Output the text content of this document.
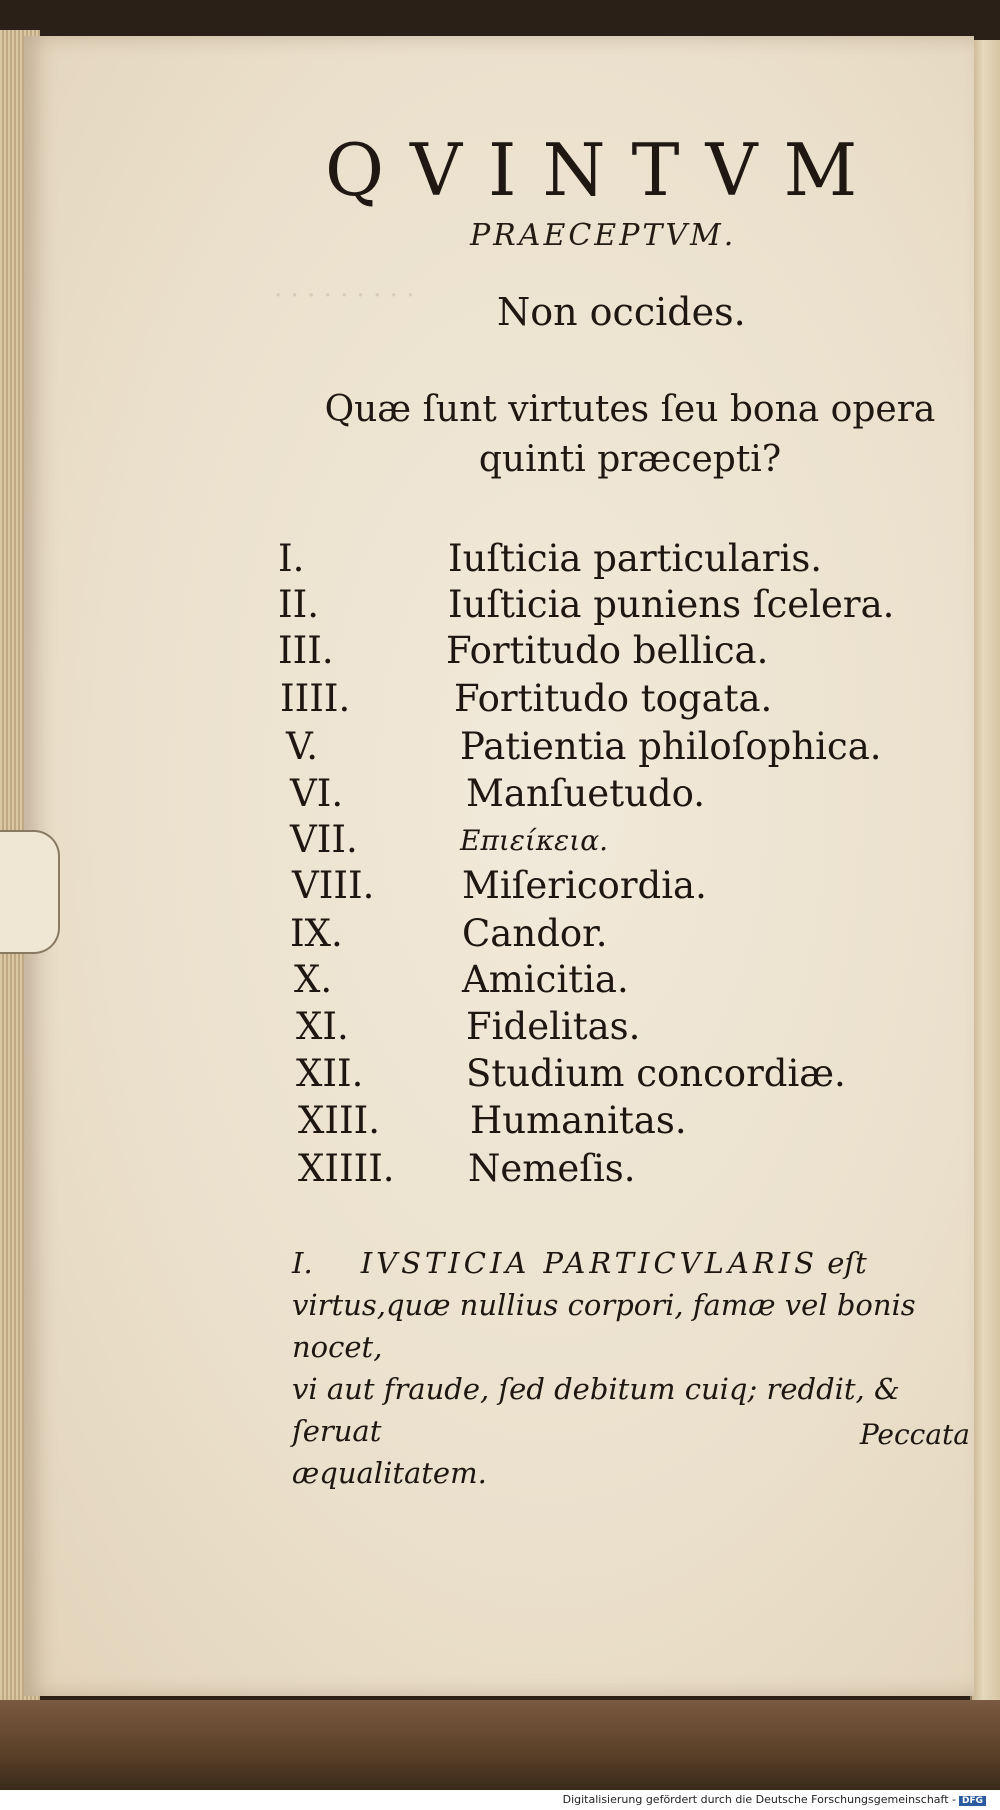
· · · · · · · · ·
QVINTVM
PRAECEPTVM.
Non occides.
Quæ ſunt virtutes ſeu bona opera quinti præcepti?
I.	Iuſticia particularis.
II.	Iuſticia puniens ſcelera.
III.	Fortitudo bellica.
IIII.	Fortitudo togata.
V.	Patientia philoſophica.
VI.	Manſuetudo.
VII.	Επιείκεια.
VIII. Miſericordia.
IX.	Candor.
X.	Amicitia.
XI.	Fidelitas.
XII.	Studium concordiæ.
XIII. Humanitas.
XIIII. Nemeſis.
I. IVSTICIA PARTICVLARIS eſt
virtus,quæ nullius corpori, famæ vel bonis nocet,
vi aut fraude, ſed debitum cuiq; reddit, & ſeruat
æqualitatem.
Peccata
Digitalisierung gefördert durch die Deutsche Forschungsgemeinschaft - DFG
